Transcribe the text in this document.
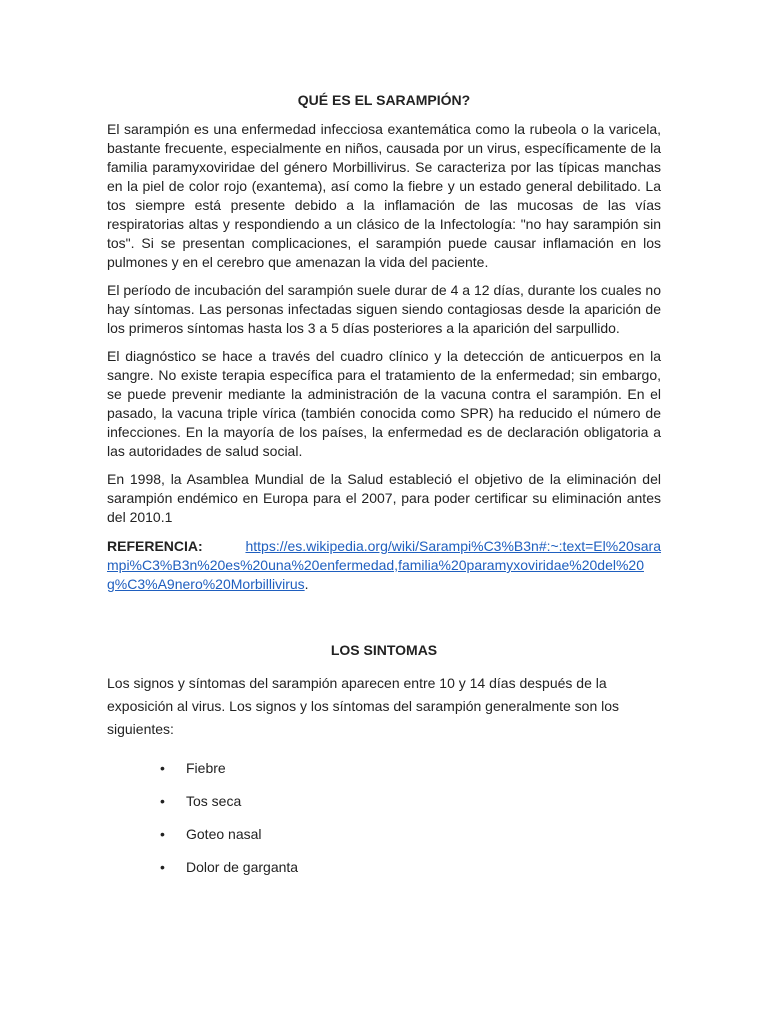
QUÉ ES EL SARAMPIÓN?

El sarampión es una enfermedad infecciosa exantemática como la rubeola o la varicela, bastante frecuente, especialmente en niños, causada por un virus, específicamente de la familia paramyxoviridae del género Morbillivirus. Se caracteriza por las típicas manchas en la piel de color rojo (exantema), así como la fiebre y un estado general debilitado. La tos siempre está presente debido a la inflamación de las mucosas de las vías respiratorias altas y respondiendo a un clásico de la Infectología: "no hay sarampión sin tos". Si se presentan complicaciones, el sarampión puede causar inflamación en los pulmones y en el cerebro que amenazan la vida del paciente.

El período de incubación del sarampión suele durar de 4 a 12 días, durante los cuales no hay síntomas. Las personas infectadas siguen siendo contagiosas desde la aparición de los primeros síntomas hasta los 3 a 5 días posteriores a la aparición del sarpullido.

El diagnóstico se hace a través del cuadro clínico y la detección de anticuerpos en la sangre. No existe terapia específica para el tratamiento de la enfermedad; sin embargo, se puede prevenir mediante la administración de la vacuna contra el sarampión. En el pasado, la vacuna triple vírica (también conocida como SPR) ha reducido el número de infecciones. En la mayoría de los países, la enfermedad es de declaración obligatoria a las autoridades de salud social.

En 1998, la Asamblea Mundial de la Salud estableció el objetivo de la eliminación del sarampión endémico en Europa para el 2007, para poder certificar su eliminación antes del 2010.1

REFERENCIA:	https://es.wikipedia.org/wiki/Sarampi%C3%B3n#:~:text=El%20sarampi%C3%B3n%20es%20una%20enfermedad,familia%20paramyxoviridae%20del%20g%C3%A9nero%20Morbillivirus.

LOS SINTOMAS

Los signos y síntomas del sarampión aparecen entre 10 y 14 días después de la exposición al virus. Los signos y los síntomas del sarampión generalmente son los siguientes:

• Fiebre
• Tos seca
• Goteo nasal
• Dolor de garganta
